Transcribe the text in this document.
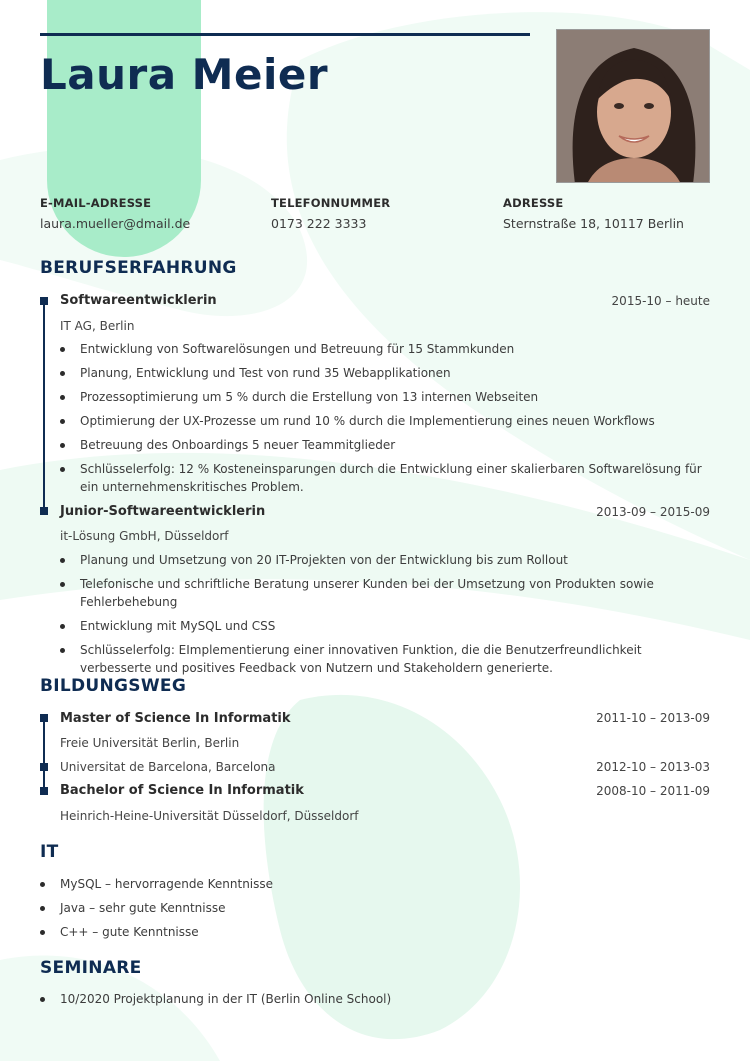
Laura Meier
E-MAIL-ADRESSE
laura.mueller@dmail.de
TELEFONNUMMER
0173 222 3333
ADRESSE
Sternstraße 18, 10117 Berlin
BERUFSERFAHRUNG
Softwareentwicklerin	2015-10 – heute
IT AG, Berlin
Entwicklung von Softwarelösungen und Betreuung für 15 Stammkunden
Planung, Entwicklung und Test von rund 35 Webapplikationen
Prozessoptimierung um 5 % durch die Erstellung von 13 internen Webseiten
Optimierung der UX-Prozesse um rund 10 % durch die Implementierung eines neuen Workflows
Betreuung des Onboardings 5 neuer Teammitglieder
Schlüsselerfolg: 12 % Kosteneinsparungen durch die Entwicklung einer skalierbaren Softwarelösung für ein unternehmenskritisches Problem.
Junior-Softwareentwicklerin	2013-09 – 2015-09
it-Lösung GmbH, Düsseldorf
Planung und Umsetzung von 20 IT-Projekten von der Entwicklung bis zum Rollout
Telefonische und schriftliche Beratung unserer Kunden bei der Umsetzung von Produkten sowie Fehlerbehebung
Entwicklung mit MySQL und CSS
Schlüsselerfolg: EImplementierung einer innovativen Funktion, die die Benutzerfreundlichkeit verbesserte und positives Feedback von Nutzern und Stakeholdern generierte.
BILDUNGSWEG
Master of Science In Informatik	2011-10 – 2013-09
Freie Universität Berlin, Berlin
Universitat de Barcelona, Barcelona	2012-10 – 2013-03
Bachelor of Science In Informatik	2008-10 – 2011-09
Heinrich-Heine-Universität Düsseldorf, Düsseldorf
IT
MySQL – hervorragende Kenntnisse
Java – sehr gute Kenntnisse
C++ – gute Kenntnisse
SEMINARE
10/2020 Projektplanung in der IT (Berlin Online School)
